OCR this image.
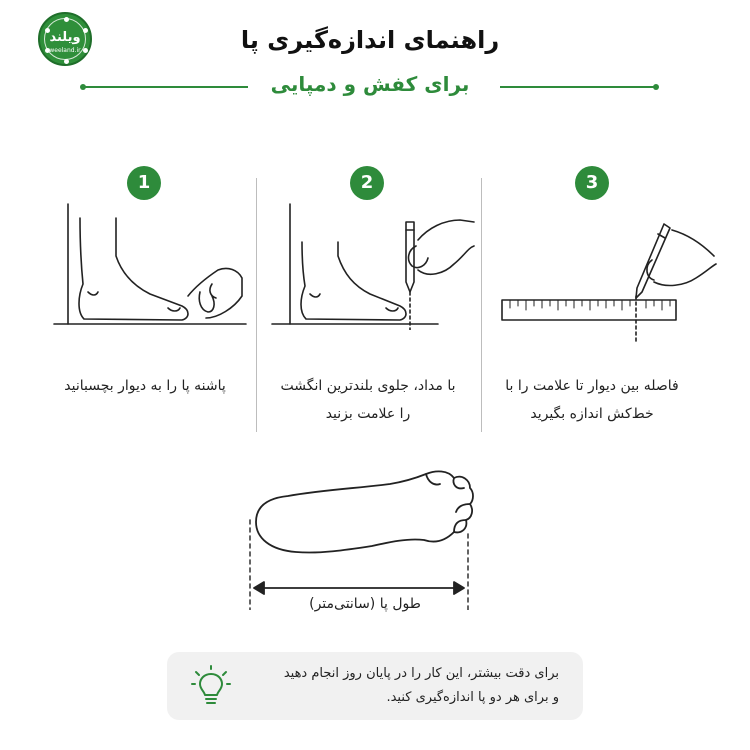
ویلند
weeland.ir	راهنمای اندازه‌گیری پا
برای کفش و دمپایی
1	2	3
پاشنه پا را به دیوار بچسبانید	با مداد، جلوی بلندترین انگشت
را علامت بزنید
فاصله بین دیوار تا علامت را با
خط‌کش اندازه بگیرید
طول پا (سانتی‌متر)
برای دقت بیشتر، این کار را در پایان روز انجام دهید
و برای هر دو پا اندازه‌گیری کنید.
